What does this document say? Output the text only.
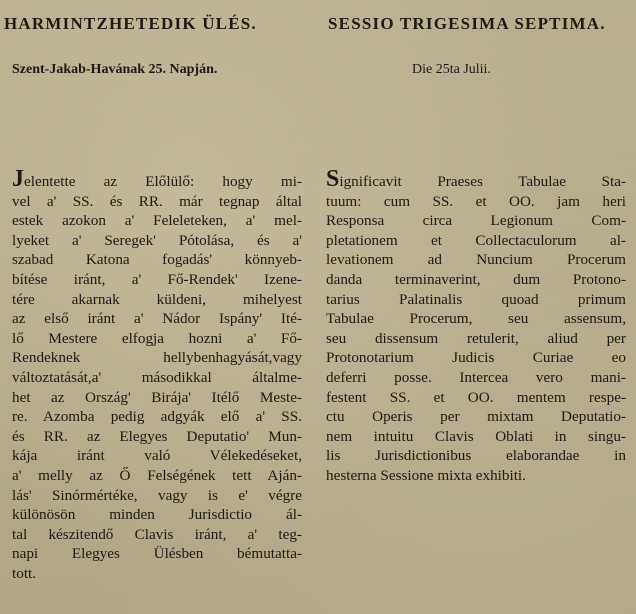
HARMINTZHETEDIK ÜLÉS.	SESSIO TRIGESIMA SEPTIMA.
Szent-Jakab-Havának 25. Napján.	Die 25ta Julii.
Jelentette az Előlülő: hogy mi-
vel a' SS. és RR. már tegnap által
estek azokon a' Feleleteken, a' mel-
lyeket a' Seregek' Pótolása, és a'
szabad Katona fogadás' könnyeb-
bítése iránt, a' Fő-Rendek' Izene-
tére akarnak küldeni, mihelyest
az első iránt a' Nádor Ispány' Ité-
lő Mestere elfogja hozni a' Fő-
Rendeknek hellybenhagyását,vagy
változtatását,a' másodikkal általme-
het az Ország' Birája' Itélő Meste-
re. Azomba pedig adgyák elő a' SS.
és RR. az Elegyes Deputatio' Mun-
kája iránt való Vélekedéseket,
a' melly az Ő Felségének tett Aján-
lás' Sinórmértéke, vagy is e' végre
különösön minden Jurisdictio ál-
tal készitendő Clavis iránt, a' teg-
napi Elegyes Ülésben bémutatta-
tott.
Significavit Praeses Tabulae Sta-
tuum: cum SS. et OO. jam heri
Responsa circa Legionum Com-
pletationem et Collectaculorum al-
levationem ad Nuncium Procerum
danda terminaverint, dum Protono-
tarius Palatinalis quoad primum
Tabulae Procerum, seu assensum,
seu dissensum retulerit, aliud per
Protonotarium Judicis Curiae eo
deferri posse. Intercea vero mani-
festent SS. et OO. mentem respe-
ctu Operis per mixtam Deputatio-
nem intuitu Clavis Oblati in singu-
lis Jurisdictionibus elaborandae in
hesterna Sessione mixta exhibiti.
